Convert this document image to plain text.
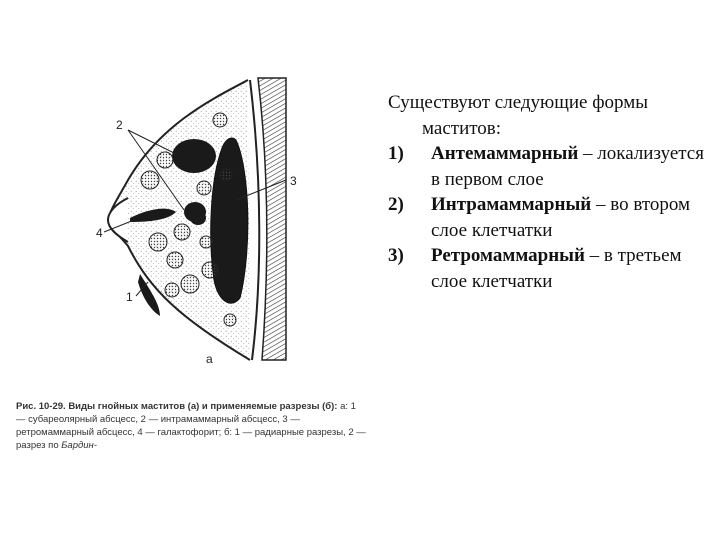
2
3
4
1
а
Рис. 10-29. Виды гнойных маститов (а) и применяемые разрезы (б): а: 1 — субареолярный абсцесс, 2 — интрамаммарный абсцесс, 3 — ретромаммарный абсцесс, 4 — галактофорит; б: 1 — радиарные разрезы, 2 — разрез по Бардин-
Существуют следующие формы маститов:
1) Антемаммарный – локализуется в первом слое
2) Интрамаммарный – во втором слое клетчатки
3) Ретромаммарный – в третьем слое клетчатки
